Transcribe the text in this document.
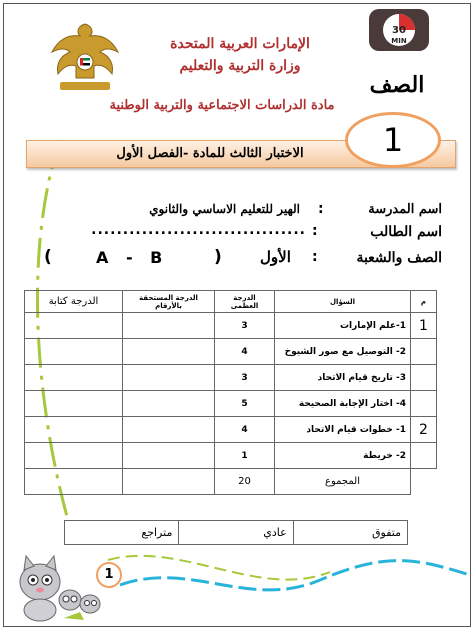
30
MIN
الصف
الإمارات العربية المتحدة
وزارة التربية والتعليم
مادة الدراسات الاجتماعية والتربية الوطنية
الاختبار الثالث للمادة -الفصل الأول	1
اسم المدرسة
:
الهير للتعليم الاساسي والثانوي
اسم الطالب
:
..................................
الصف والشعبة
:
الأول
(
A - B
)
م	السؤال	الدرجة العظمى	الدرجة المستحقة بالأرقام	الدرجة كتابة
1	1-علم الإمارات	3		
	2- التوصيل مع صور الشيوخ	4		
	3- تاريخ قيام الاتحاد	3		
	4- اختار الإجابة الصحيحة	5		
2	1- خطوات قيام الاتحاد	4		
	2- خريطة	1		
	المجموع	20		
متفوق	عادي	متراجع
1
